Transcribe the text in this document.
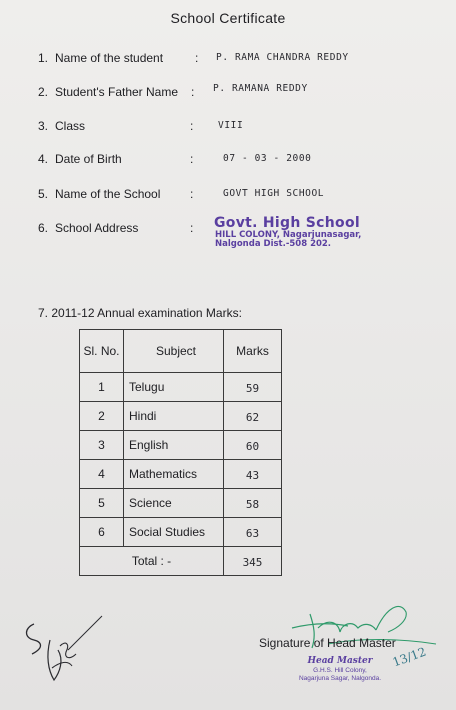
School Certificate
1. Name of the student	: P. RAMA CHANDRA REDDY
2. Student's Father Name : P. RAMANA REDDY
3. Class	:	VIII
4. Date of Birth	:	07 - 03 - 2000
5. Name of the School :	GOVT HIGH SCHOOL
6. School Address	: Govt. High School
HILL COLONY, Nagarjunasagar,
Nalgonda Dist.-508 202.
7. 2011-12 Annual examination Marks:
Sl. No.	Subject	Marks
1	Telugu	59
2	Hindi	62
3	English	60
4	Mathematics	43
5	Science	58
6	Social Studies	63
Total : -		345
13/12
Signature of Head Master
Head Master
G.H.S. Hill Colony,
Nagarjuna Sagar, Nalgonda.
